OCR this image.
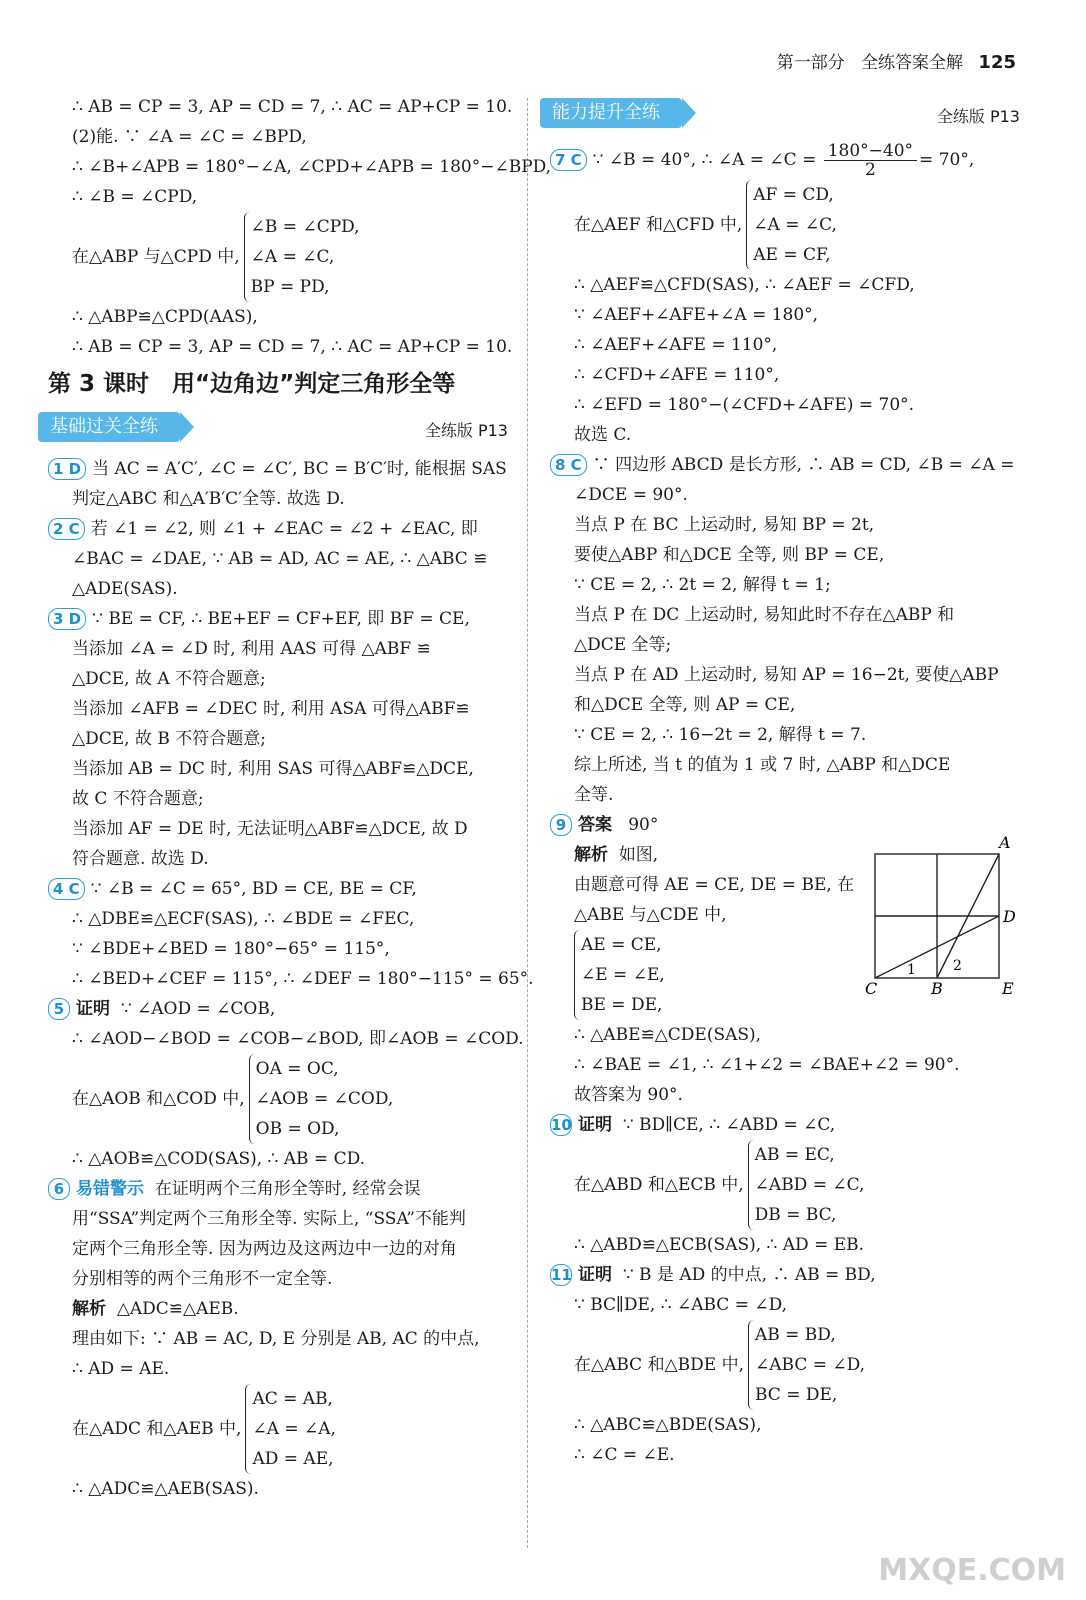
第一部分 全练答案全解 125
∴ AB = CP = 3, AP = CD = 7, ∴ AC = AP+CP = 10.
(2)能. ∵ ∠A = ∠C = ∠BPD,
∴ ∠B+∠APB = 180°−∠A, ∠CPD+∠APB = 180°−∠BPD,
∴ ∠B = ∠CPD,
在△ABP 与△CPD 中,
∠B = ∠CPD,
∠A = ∠C,
BP = PD,
∴ △ABP≌△CPD(AAS),
∴ AB = CP = 3, AP = CD = 7, ∴ AC = AP+CP = 10.
第 3 课时　用“边角边”判定三角形全等
基础过关全练	全练版 P13
1 D 当 AC = A′C′, ∠C = ∠C′, BC = B′C′时, 能根据 SAS
判定△ABC 和△A′B′C′全等. 故选 D.
2 C 若 ∠1 = ∠2, 则 ∠1 + ∠EAC = ∠2 + ∠EAC, 即
∠BAC = ∠DAE, ∵ AB = AD, AC = AE, ∴ △ABC ≌
△ADE(SAS).
3 D ∵ BE = CF, ∴ BE+EF = CF+EF, 即 BF = CE,
当添加 ∠A = ∠D 时, 利用 AAS 可得 △ABF ≌
△DCE, 故 A 不符合题意;
当添加 ∠AFB = ∠DEC 时, 利用 ASA 可得△ABF≌
△DCE, 故 B 不符合题意;
当添加 AB = DC 时, 利用 SAS 可得△ABF≌△DCE,
故 C 不符合题意;
当添加 AF = DE 时, 无法证明△ABF≌△DCE, 故 D
符合题意. 故选 D.
4 C ∵ ∠B = ∠C = 65°, BD = CE, BE = CF,
∴ △DBE≌△ECF(SAS), ∴ ∠BDE = ∠FEC,
∵ ∠BDE+∠BED = 180°−65° = 115°,
∴ ∠BED+∠CEF = 115°, ∴ ∠DEF = 180°−115° = 65°.
5 证明 ∵ ∠AOD = ∠COB,
∴ ∠AOD−∠BOD = ∠COB−∠BOD, 即∠AOB = ∠COD.
在△AOB 和△COD 中,
OA = OC,
∠AOB = ∠COD,
OB = OD,
∴ △AOB≌△COD(SAS), ∴ AB = CD.
6 易错警示 在证明两个三角形全等时, 经常会误
用“SSA”判定两个三角形全等. 实际上, “SSA”不能判
定两个三角形全等. 因为两边及这两边中一边的对角
分别相等的两个三角形不一定全等.
解析 △ADC≌△AEB.
理由如下: ∵ AB = AC, D, E 分别是 AB, AC 的中点,
∴ AD = AE.
在△ADC 和△AEB 中,
AC = AB,
∠A = ∠A,
AD = AE,
∴ △ADC≌△AEB(SAS).
能力提升全练	全练版 P13
7 C ∵ ∠B = 40°, ∴ ∠A = ∠C = $\frac{180^\circ-40^\circ}{2} = 70^\circ$,
在△AEF 和△CFD 中,
AF = CD,
∠A = ∠C,
AE = CF,
∴ △AEF≌△CFD(SAS), ∴ ∠AEF = ∠CFD,
∵ ∠AEF+∠AFE+∠A = 180°,
∴ ∠AEF+∠AFE = 110°,
∴ ∠CFD+∠AFE = 110°,
∴ ∠EFD = 180°−(∠CFD+∠AFE) = 70°.
故选 C.
8 C ∵ 四边形 ABCD 是长方形, ∴ AB = CD, ∠B = ∠A =
∠DCE = 90°.
当点 P 在 BC 上运动时, 易知 BP = 2t,
要使△ABP 和△DCE 全等, 则 BP = CE,
∵ CE = 2, ∴ 2t = 2, 解得 t = 1;
当点 P 在 DC 上运动时, 易知此时不存在△ABP 和
△DCE 全等;
当点 P 在 AD 上运动时, 易知 AP = 16−2t, 要使△ABP
和△DCE 全等, 则 AP = CE,
∵ CE = 2, ∴ 16−2t = 2, 解得 t = 7.
综上所述, 当 t 的值为 1 或 7 时, △ABP 和△DCE
全等.
9 答案 90°
解析 如图,
由题意可得 AE = CE, DE = BE, 在
△ABE 与△CDE 中,
AE = CE,
∠E = ∠E,
BE = DE,
A
D
C	B	E
1	2
∴ △ABE≌△CDE(SAS),
∴ ∠BAE = ∠1, ∴ ∠1+∠2 = ∠BAE+∠2 = 90°.
故答案为 90°.
10 证明 ∵ BD∥CE, ∴ ∠ABD = ∠C,
在△ABD 和△ECB 中,
AB = EC,
∠ABD = ∠C,
DB = BC,
∴ △ABD≌△ECB(SAS), ∴ AD = EB.
11 证明 ∵ B 是 AD 的中点, ∴ AB = BD,
∵ BC∥DE, ∴ ∠ABC = ∠D,
在△ABC 和△BDE 中,
AB = BD,
∠ABC = ∠D,
BC = DE,
∴ △ABC≌△BDE(SAS),
∴ ∠C = ∠E.
MXQE.COM
